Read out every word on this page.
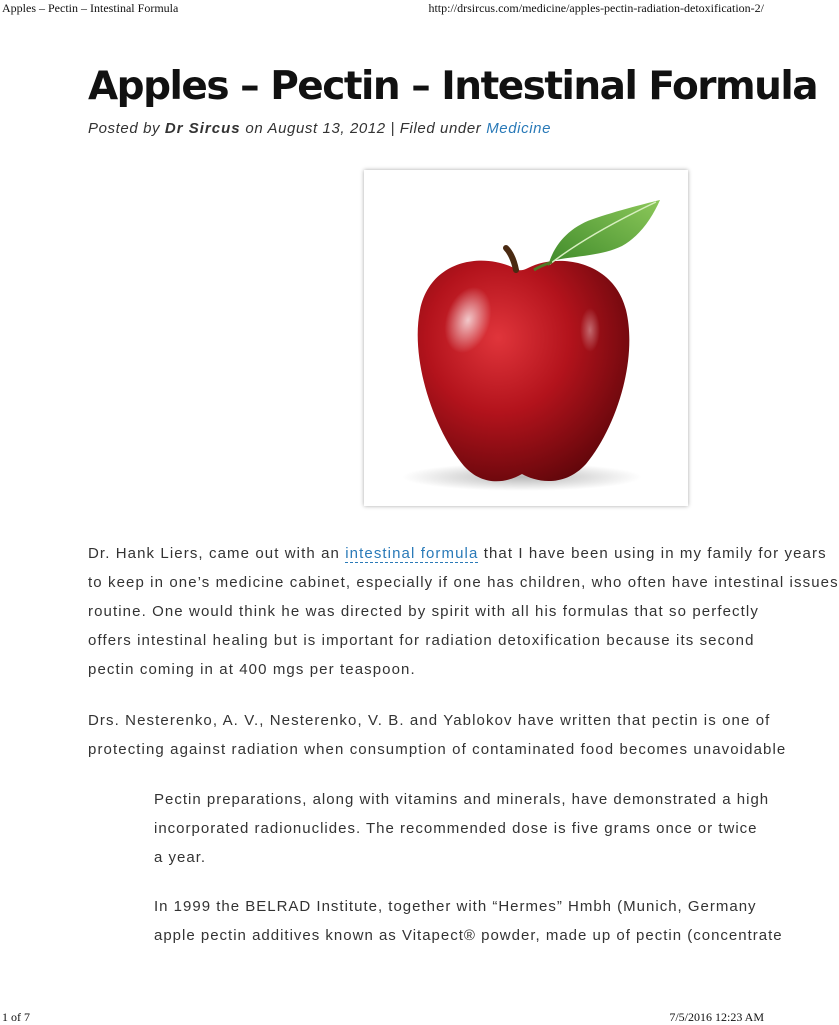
Apples – Pectin – Intestinal Formula	http://drsircus.com/medicine/apples-pectin-radiation-detoxification-2/
Apples – Pectin – Intestinal Formula
Posted by Dr Sircus on August 13, 2012 | Filed under Medicine

Dr. Hank Liers, came out with an intestinal formula that I have been using in my family for years
to keep in one’s medicine cabinet, especially if one has children, who often have intestinal issues
routine. One would think he was directed by spirit with all his formulas that so perfectly
offers intestinal healing but is important for radiation detoxification because its second
pectin coming in at 400 mgs per teaspoon.

Drs. Nesterenko, A. V., Nesterenko, V. B. and Yablokov have written that pectin is one of
protecting against radiation when consumption of contaminated food becomes unavoidable

Pectin preparations, along with vitamins and minerals, have demonstrated a high
incorporated radionuclides. The recommended dose is five grams once or twice
a year.

In 1999 the BELRAD Institute, together with “Hermes” Hmbh (Munich, Germany
apple pectin additives known as Vitapect® powder, made up of pectin (concentrate

1 of 7	7/5/2016 12:23 AM
